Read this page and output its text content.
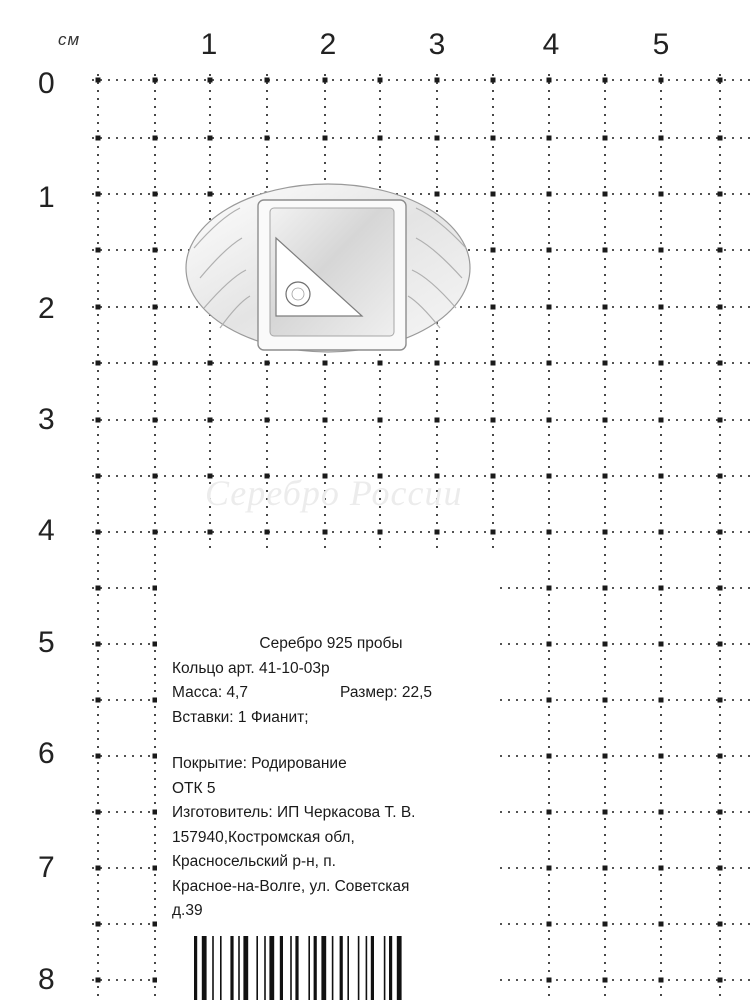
см	1	2	3	4	5
0
1
2
3
4
5
6
7
8
Серебро России
Серебро 925 пробы
Кольцо арт. 41-10-03р
Масса: 4,7	Размер: 22,5
Вставки: 1 Фианит;
Покрытие: Родирование
ОТК 5
Изготовитель: ИП Черкасова Т. В.
157940,Костромская обл,
Красносельский р-н, п.
Красное-на-Волге, ул. Советская
д.39
